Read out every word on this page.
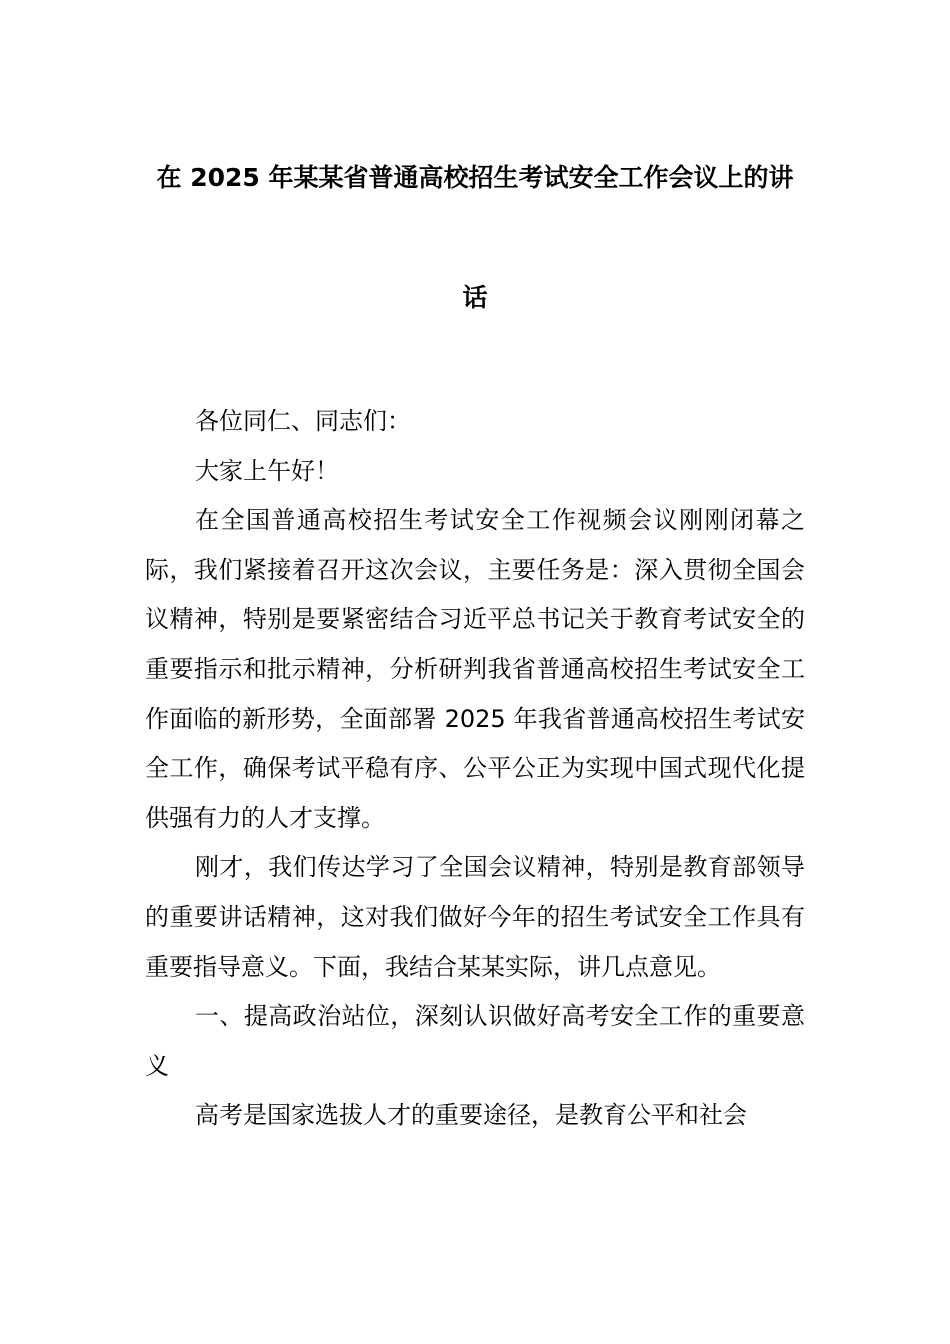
在 2025 年某某省普通高校招生考试安全工作会议上的讲
话

各位同仁、同志们：

大家上午好！

在全国普通高校招生考试安全工作视频会议刚刚闭幕之际，我们紧接着召开这次会议，主要任务是：深入贯彻全国会议精神，特别是要紧密结合习近平总书记关于教育考试安全的重要指示和批示精神，分析研判我省普通高校招生考试安全工作面临的新形势，全面部署 2025 年我省普通高校招生考试安全工作，确保考试平稳有序、公平公正为实现中国式现代化提供强有力的人才支撑。

刚才，我们传达学习了全国会议精神，特别是教育部领导的重要讲话精神，这对我们做好今年的招生考试安全工作具有重要指导意义。下面，我结合某某实际，讲几点意见。

一、提高政治站位，深刻认识做好高考安全工作的重要意义

高考是国家选拔人才的重要途径，是教育公平和社会
